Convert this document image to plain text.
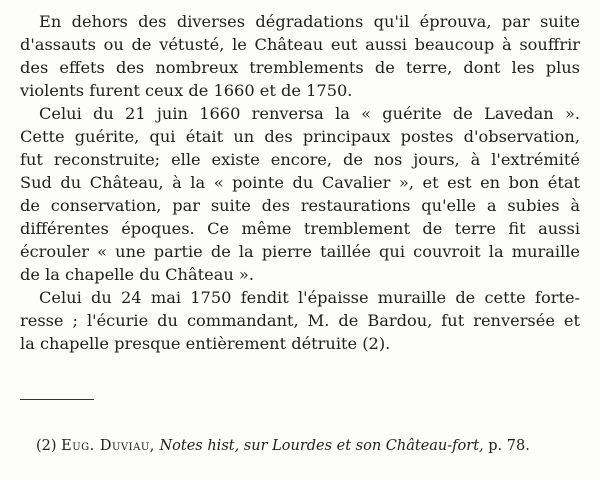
En dehors des diverses dégradations qu'il éprouva, par suite
d'assauts ou de vétusté, le Château eut aussi beaucoup à souffrir
des effets des nombreux tremblements de terre, dont les plus
violents furent ceux de 1660 et de 1750.
Celui du 21 juin 1660 renversa la « guérite de Lavedan ».
Cette guérite, qui était un des principaux postes d'observation,
fut reconstruite; elle existe encore, de nos jours, à l'extrémité
Sud du Château, à la « pointe du Cavalier », et est en bon état
de conservation, par suite des restaurations qu'elle a subies à
différentes époques. Ce même tremblement de terre fit aussi
écrouler « une partie de la pierre taillée qui couvroit la muraille
de la chapelle du Château ».
Celui du 24 mai 1750 fendit l'épaisse muraille de cette forte-
resse ; l'écurie du commandant, M. de Bardou, fut renversée et
la chapelle presque entièrement détruite (2).
(2) Eug. Duviau, Notes hist, sur Lourdes et son Château-fort, p. 78.
